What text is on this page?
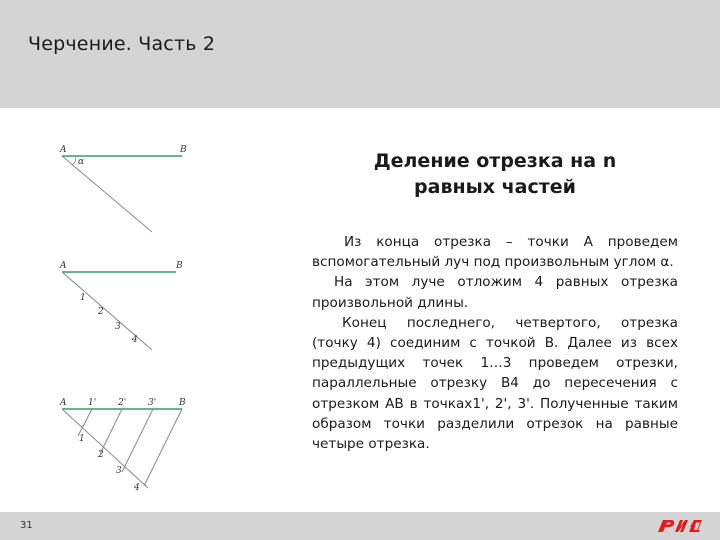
Черчение. Часть 2
A	B
α
A	B
1
2
3
4
A 1' 2' 3'	B
1
2
3
4
Деление отрезка на n
равных частей

Из конца отрезка – точки А проведем вспомогательный луч под произвольным углом α.

На этом луче отложим 4 равных отрезка произвольной длины.

Конец последнего, четвертого, отрезка (точку 4) соединим с точкой В. Далее из всех предыдущих точек 1…3 проведем отрезки, параллельные отрезку В4 до пересечения с отрезком АВ в точках1', 2', 3'. Полученные таким образом точки разделили отрезок на равные четыре отрезка.

31
